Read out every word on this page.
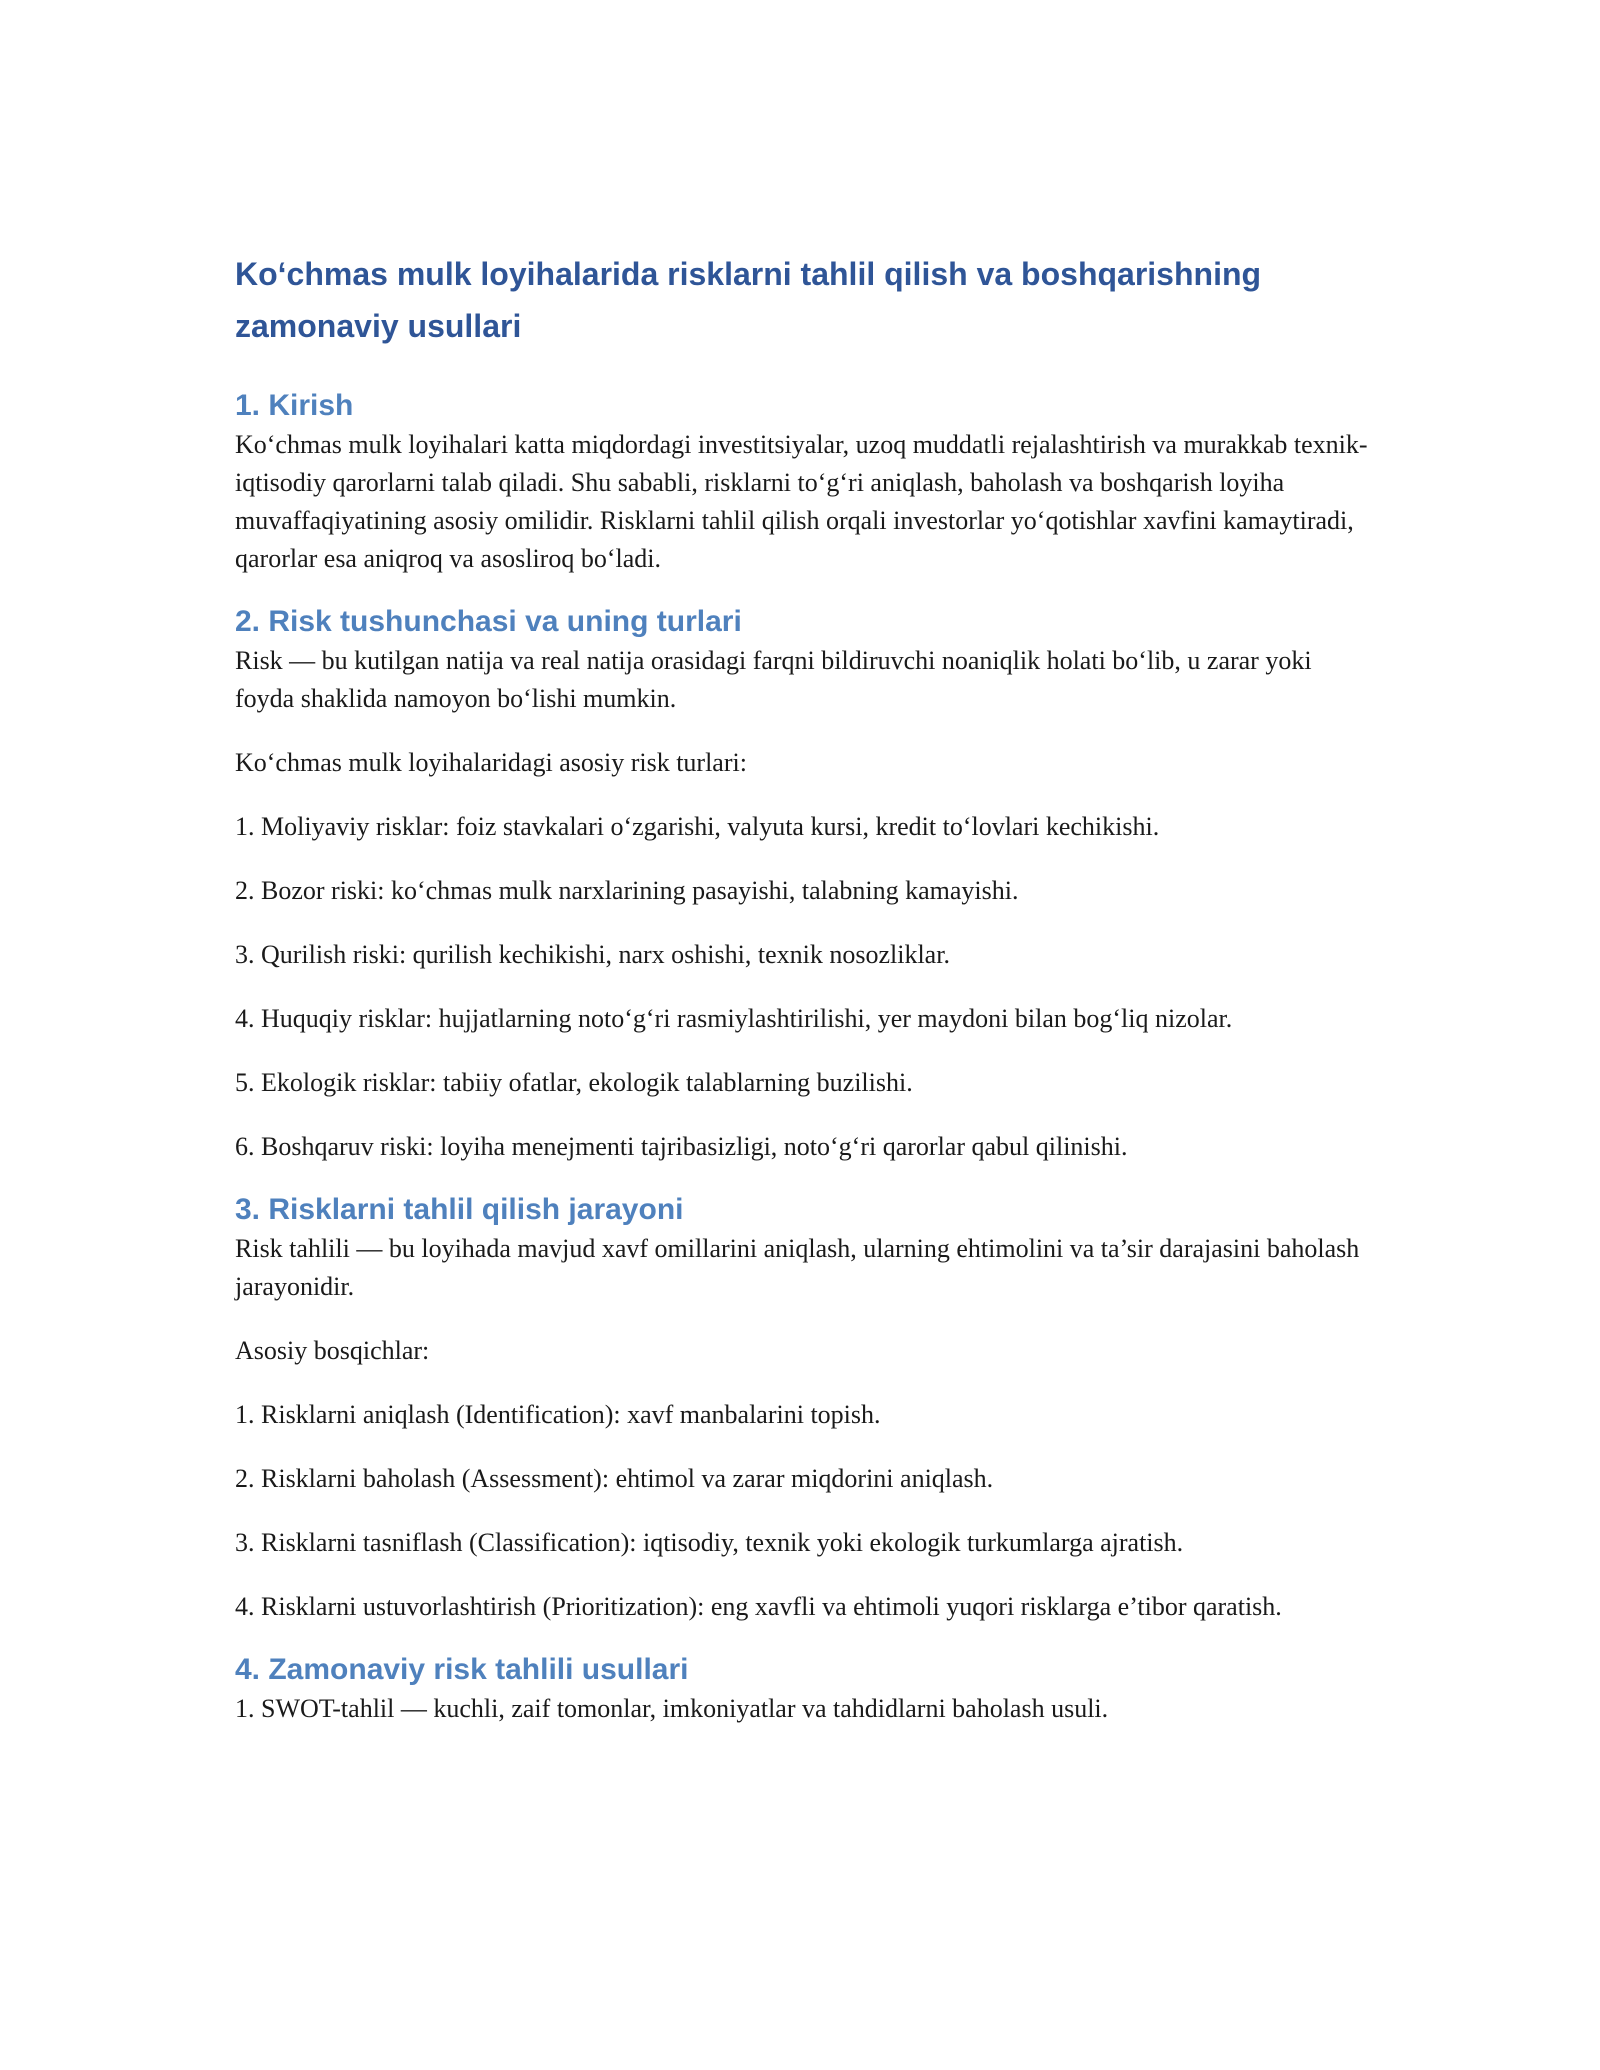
Ko‘chmas mulk loyihalarida risklarni tahlil qilish va boshqarishning zamonaviy usullari
1. Kirish

Ko‘chmas mulk loyihalari katta miqdordagi investitsiyalar, uzoq muddatli rejalashtirish va murakkab texnik-iqtisodiy qarorlarni talab qiladi. Shu sababli, risklarni to‘g‘ri aniqlash, baholash va boshqarish loyiha muvaffaqiyatining asosiy omilidir. Risklarni tahlil qilish orqali investorlar yo‘qotishlar xavfini kamaytiradi, qarorlar esa aniqroq va asosliroq bo‘ladi.

2. Risk tushunchasi va uning turlari

Risk — bu kutilgan natija va real natija orasidagi farqni bildiruvchi noaniqlik holati bo‘lib, u zarar yoki foyda shaklida namoyon bo‘lishi mumkin.

Ko‘chmas mulk loyihalaridagi asosiy risk turlari:

1. Moliyaviy risklar: foiz stavkalari o‘zgarishi, valyuta kursi, kredit to‘lovlari kechikishi.
2. Bozor riski: ko‘chmas mulk narxlarining pasayishi, talabning kamayishi.
3. Qurilish riski: qurilish kechikishi, narx oshishi, texnik nosozliklar.
4. Huquqiy risklar: hujjatlarning noto‘g‘ri rasmiylashtirilishi, yer maydoni bilan bog‘liq nizolar.
5. Ekologik risklar: tabiiy ofatlar, ekologik talablarning buzilishi.
6. Boshqaruv riski: loyiha menejmenti tajribasizligi, noto‘g‘ri qarorlar qabul qilinishi.
3. Risklarni tahlil qilish jarayoni

Risk tahlili — bu loyihada mavjud xavf omillarini aniqlash, ularning ehtimolini va ta’sir darajasini baholash jarayonidir.

Asosiy bosqichlar:

1. Risklarni aniqlash (Identification): xavf manbalarini topish.
2. Risklarni baholash (Assessment): ehtimol va zarar miqdorini aniqlash.
3. Risklarni tasniflash (Classification): iqtisodiy, texnik yoki ekologik turkumlarga ajratish.
4. Risklarni ustuvorlashtirish (Prioritization): eng xavfli va ehtimoli yuqori risklarga e’tibor qaratish.
4. Zamonaviy risk tahlili usullari

1. SWOT-tahlil — kuchli, zaif tomonlar, imkoniyatlar va tahdidlarni baholash usuli.
